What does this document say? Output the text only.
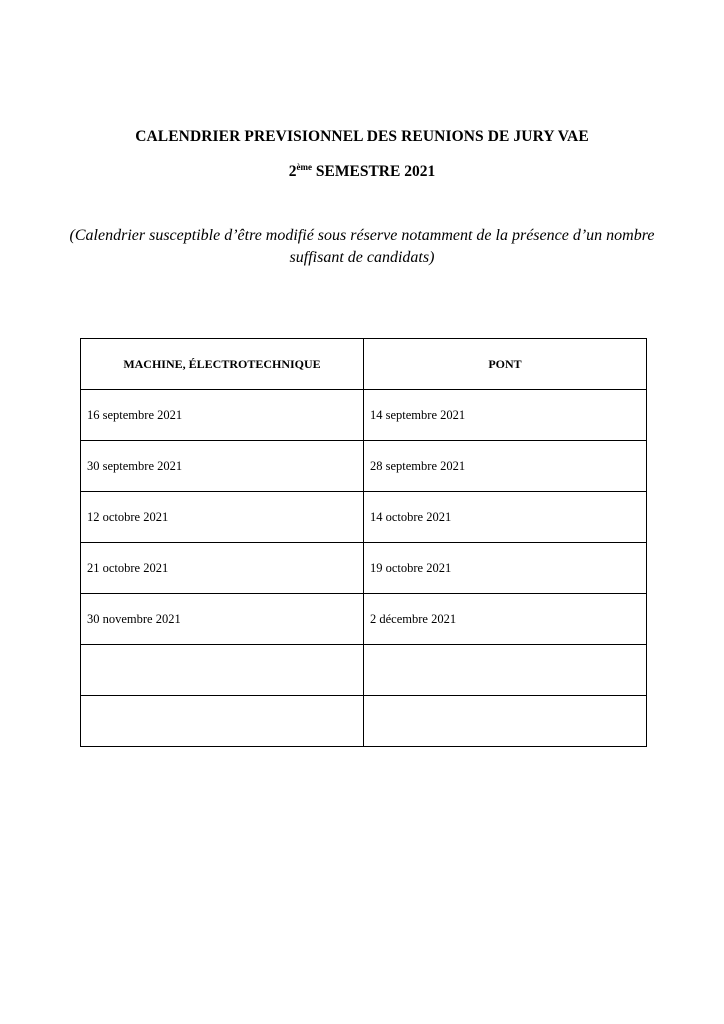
CALENDRIER PREVISIONNEL DES REUNIONS DE JURY VAE
2ème SEMESTRE 2021
(Calendrier susceptible d’être modifié sous réserve notamment de la présence d’un nombre suffisant de candidats)
MACHINE, ÉLECTROTECHNIQUE	PONT
16 septembre 2021	14 septembre 2021
30 septembre 2021	28 septembre 2021
12 octobre 2021	14 octobre 2021
21 octobre 2021	19 octobre 2021
30 novembre 2021	2 décembre 2021
